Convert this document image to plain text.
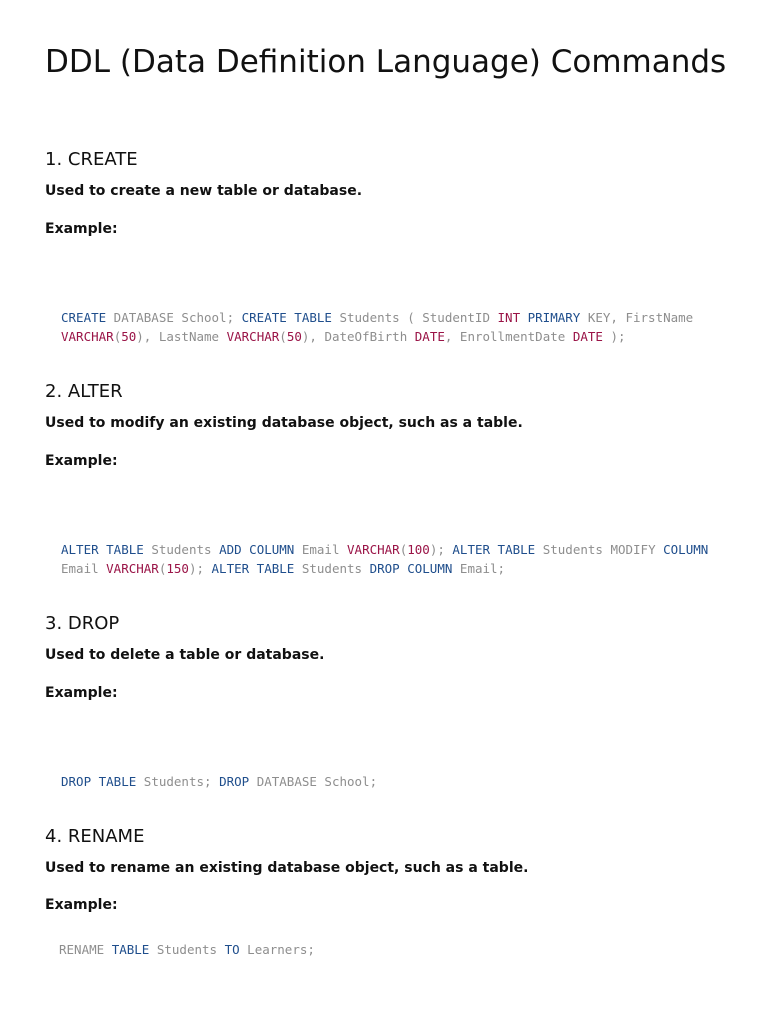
DDL (Data Definition Language) Commands
1. CREATE

Used to create a new table or database.

Example:

CREATE DATABASE School; CREATE TABLE Students ( StudentID INT PRIMARY KEY, FirstName
VARCHAR(50), LastName VARCHAR(50), DateOfBirth DATE, EnrollmentDate DATE );
2. ALTER

Used to modify an existing database object, such as a table.

Example:

ALTER TABLE Students ADD COLUMN Email VARCHAR(100); ALTER TABLE Students MODIFY COLUMN
Email VARCHAR(150); ALTER TABLE Students DROP COLUMN Email;
3. DROP

Used to delete a table or database.

Example:

DROP TABLE Students; DROP DATABASE School;
4. RENAME

Used to rename an existing database object, such as a table.

Example:

RENAME TABLE Students TO Learners;
